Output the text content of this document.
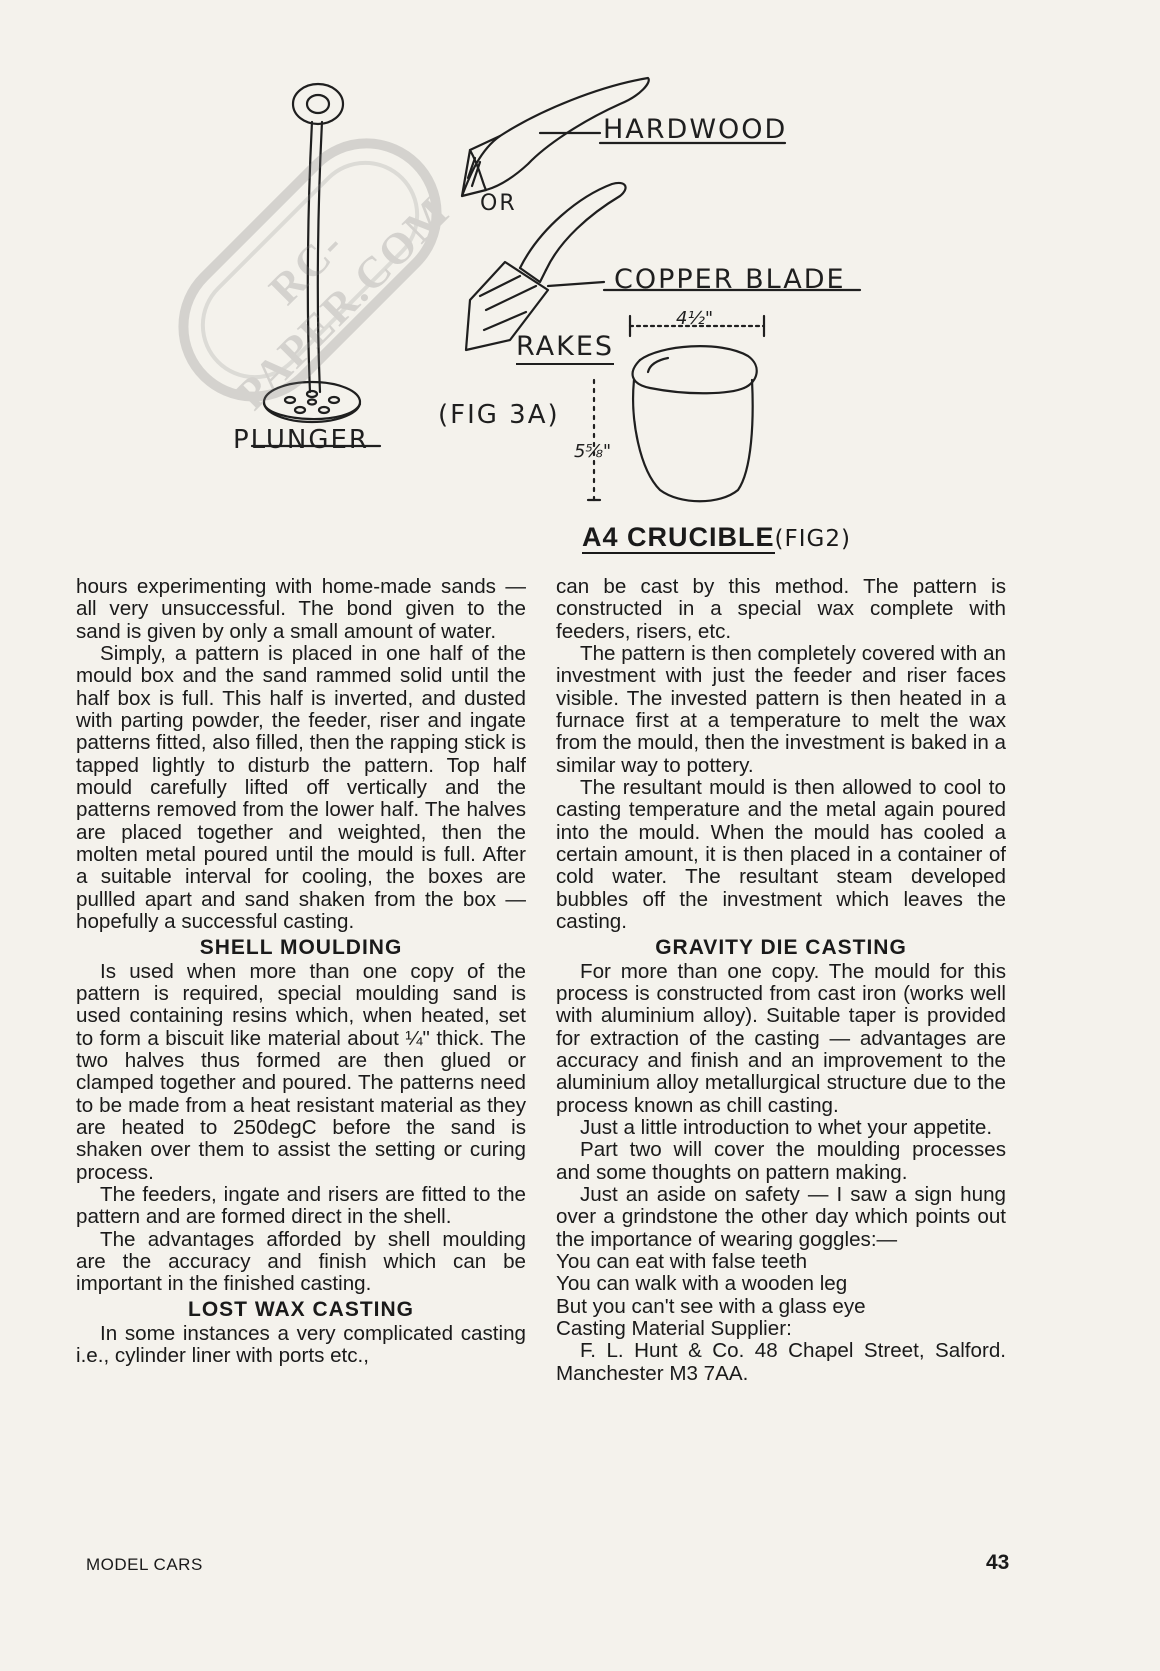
RC-PAPER.COM
HARDWOOD
OR
COPPER BLADE
RAKES
(FIG 3A)
PLUNGER
4½"
5⅝"
A4 CRUCIBLE(FIG2)

hours experimenting with home-made sands — all very unsuccessful. The bond given to the sand is given by only a small amount of water.

Simply, a pattern is placed in one half of the mould box and the sand rammed solid until the half box is full. This half is inverted, and dusted with parting powder, the feeder, riser and ingate patterns fitted, also filled, then the rapping stick is tapped lightly to disturb the pattern. Top half mould carefully lifted off vertically and the patterns removed from the lower half. The halves are placed together and weighted, then the molten metal poured until the mould is full. After a suitable interval for cooling, the boxes are pullled apart and sand shaken from the box — hopefully a successful casting.

SHELL MOULDING

Is used when more than one copy of the pattern is required, special moulding sand is used containing resins which, when heated, set to form a biscuit like material about ¼" thick. The two halves thus formed are then glued or clamped together and poured. The patterns need to be made from a heat resistant material as they are heated to 250degC before the sand is shaken over them to assist the setting or curing process.

The feeders, ingate and risers are fitted to the pattern and are formed direct in the shell.

The advantages afforded by shell moulding are the accuracy and finish which can be important in the finished casting.

LOST WAX CASTING

In some instances a very complicated casting i.e., cylinder liner with ports etc.,

can be cast by this method. The pattern is constructed in a special wax complete with feeders, risers, etc.

The pattern is then completely covered with an investment with just the feeder and riser faces visible. The invested pattern is then heated in a furnace first at a temperature to melt the wax from the mould, then the investment is baked in a similar way to pottery.

The resultant mould is then allowed to cool to casting temperature and the metal again poured into the mould. When the mould has cooled a certain amount, it is then placed in a container of cold water. The resultant steam developed bubbles off the investment which leaves the casting.

GRAVITY DIE CASTING

For more than one copy. The mould for this process is constructed from cast iron (works well with aluminium alloy). Suitable taper is provided for extraction of the casting — advantages are accuracy and finish and an improvement to the aluminium alloy metallurgical structure due to the process known as chill casting.

Just a little introduction to whet your appetite.

Part two will cover the moulding processes and some thoughts on pattern making.

Just an aside on safety — I saw a sign hung over a grindstone the other day which points out the importance of wearing goggles:—

You can eat with false teeth

You can walk with a wooden leg

But you can't see with a glass eye

Casting Material Supplier:

F. L. Hunt & Co. 48 Chapel Street, Salford. Manchester M3 7AA.

MODEL CARS	43
